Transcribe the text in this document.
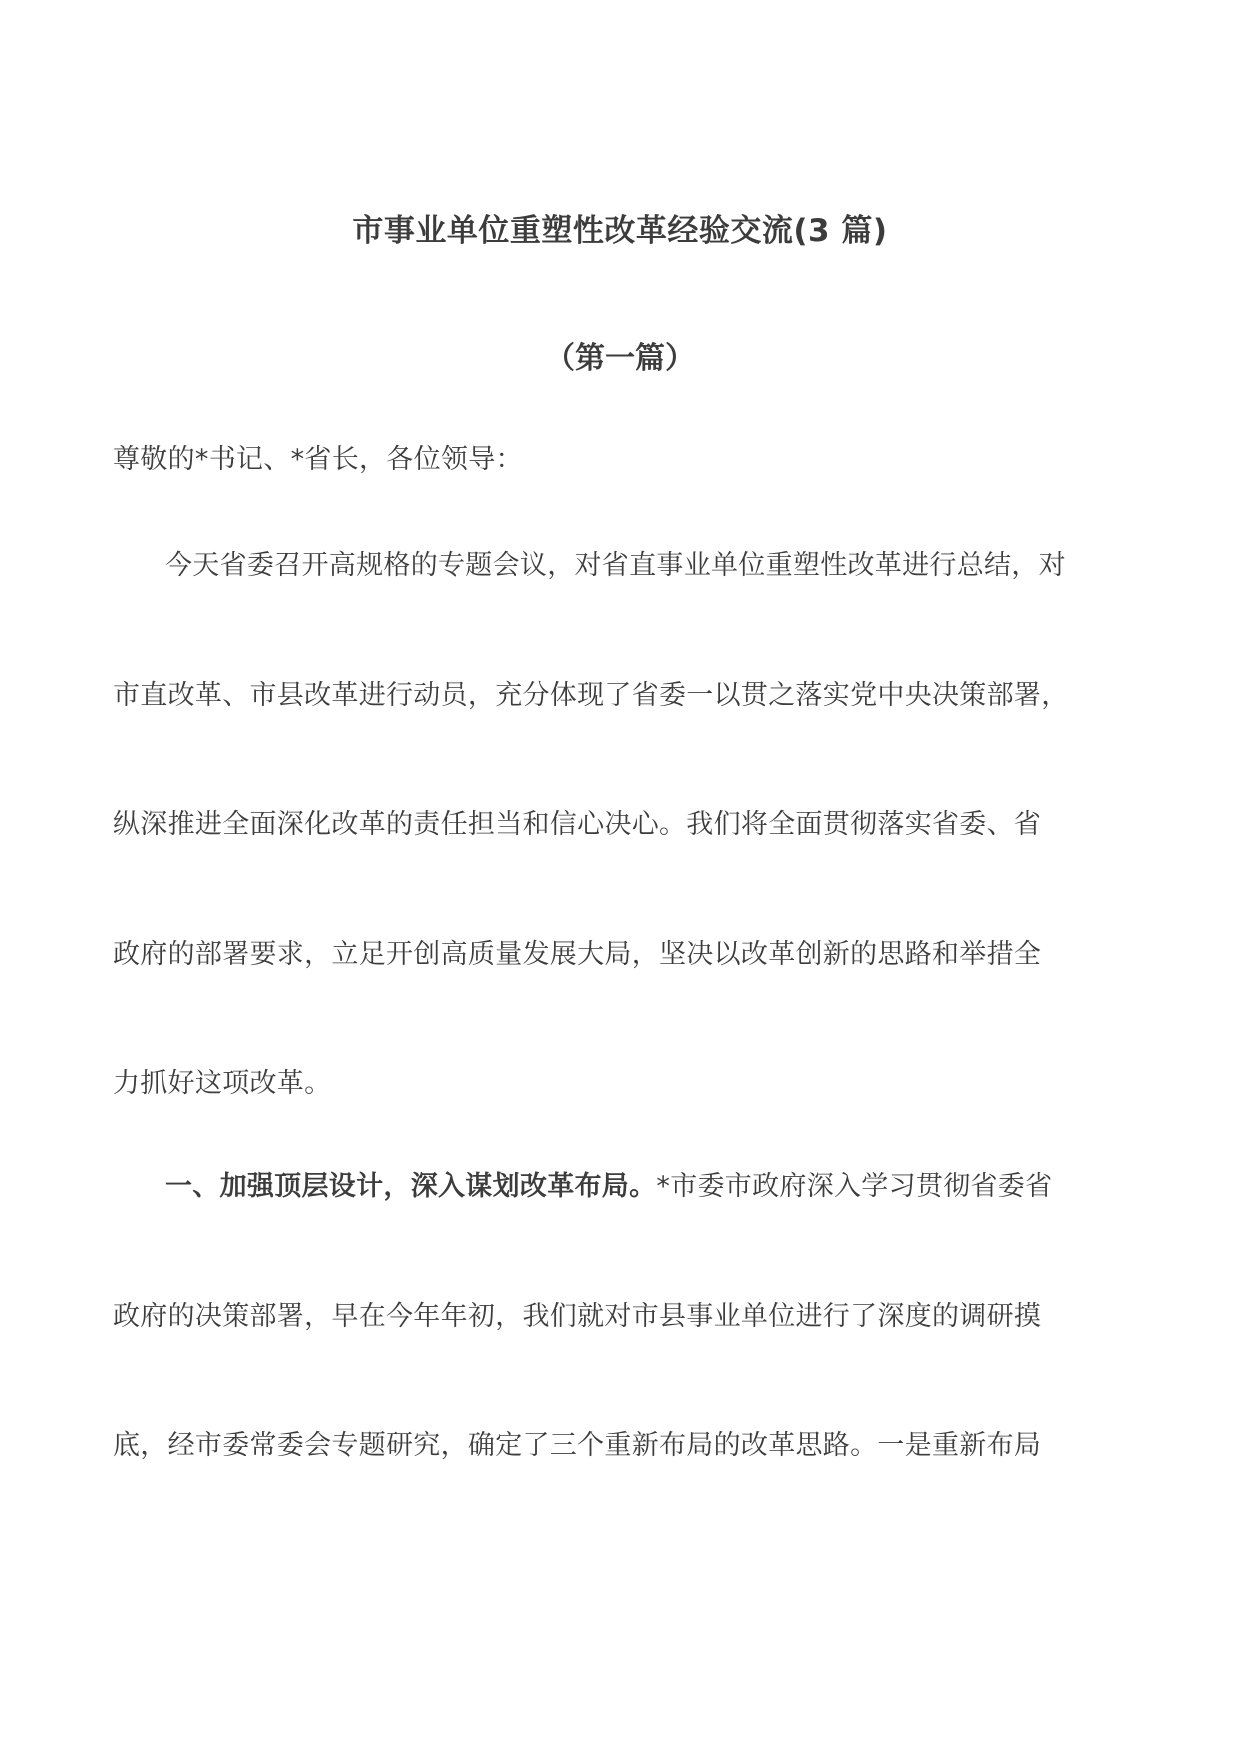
市事业单位重塑性改革经验交流(3 篇)
（第一篇）
尊敬的*书记、*省长，各位领导：
今天省委召开高规格的专题会议，对省直事业单位重塑性改革进行总结，对
市直改革、市县改革进行动员，充分体现了省委一以贯之落实党中央决策部署，
纵深推进全面深化改革的责任担当和信心决心。我们将全面贯彻落实省委、省
政府的部署要求，立足开创高质量发展大局，坚决以改革创新的思路和举措全
力抓好这项改革。
一、加强顶层设计，深入谋划改革布局。*市委市政府深入学习贯彻省委省
政府的决策部署，早在今年年初，我们就对市县事业单位进行了深度的调研摸
底，经市委常委会专题研究，确定了三个重新布局的改革思路。一是重新布局
